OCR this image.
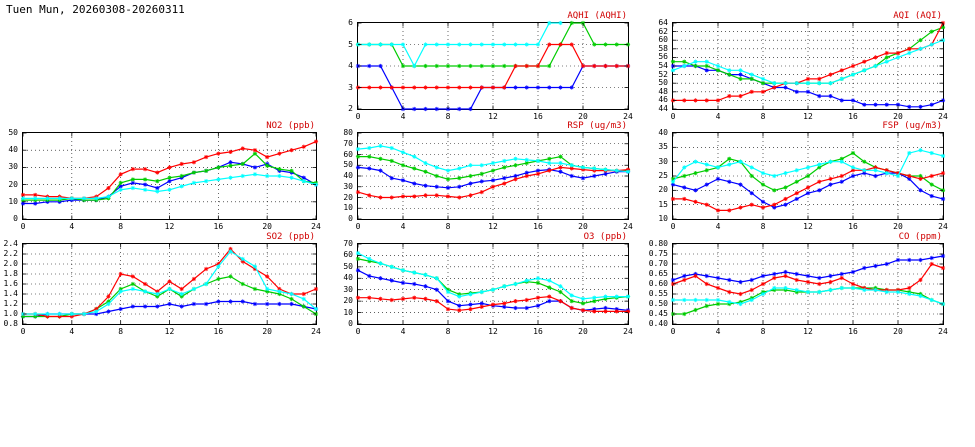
Tuen Mun, 20260308-20260311	AQHI (AQHI)
2
3
4
5
6
0	4	8	12	16	20	24
AQI (AQI)
44
46
48
50
52
54
56
58
60
62
64
0	4	8	12	16	20	24
NO2 (ppb)
0
10
20
30
40
50
0	4	8	12	16	20	24
RSP (ug/m3)
0
10
20
30
40
50
60
70
80
0	4	8	12	16	20	24
FSP (ug/m3)
10
15
20
25
30
35
40
0	4	8	12	16	20	24
SO2 (ppb)
0.8
1.0
1.2
1.4
1.6
1.8
2.0
2.2
2.4
0	4	8	12	16	20	24
O3 (ppb)
0
10
20
30
40
50
60
70
0	4	8	12	16	20	24
CO (ppm)
0.40
0.45
0.50
0.55
0.60
0.65
0.70
0.75
0.80
0	4	8	12	16	20	24
